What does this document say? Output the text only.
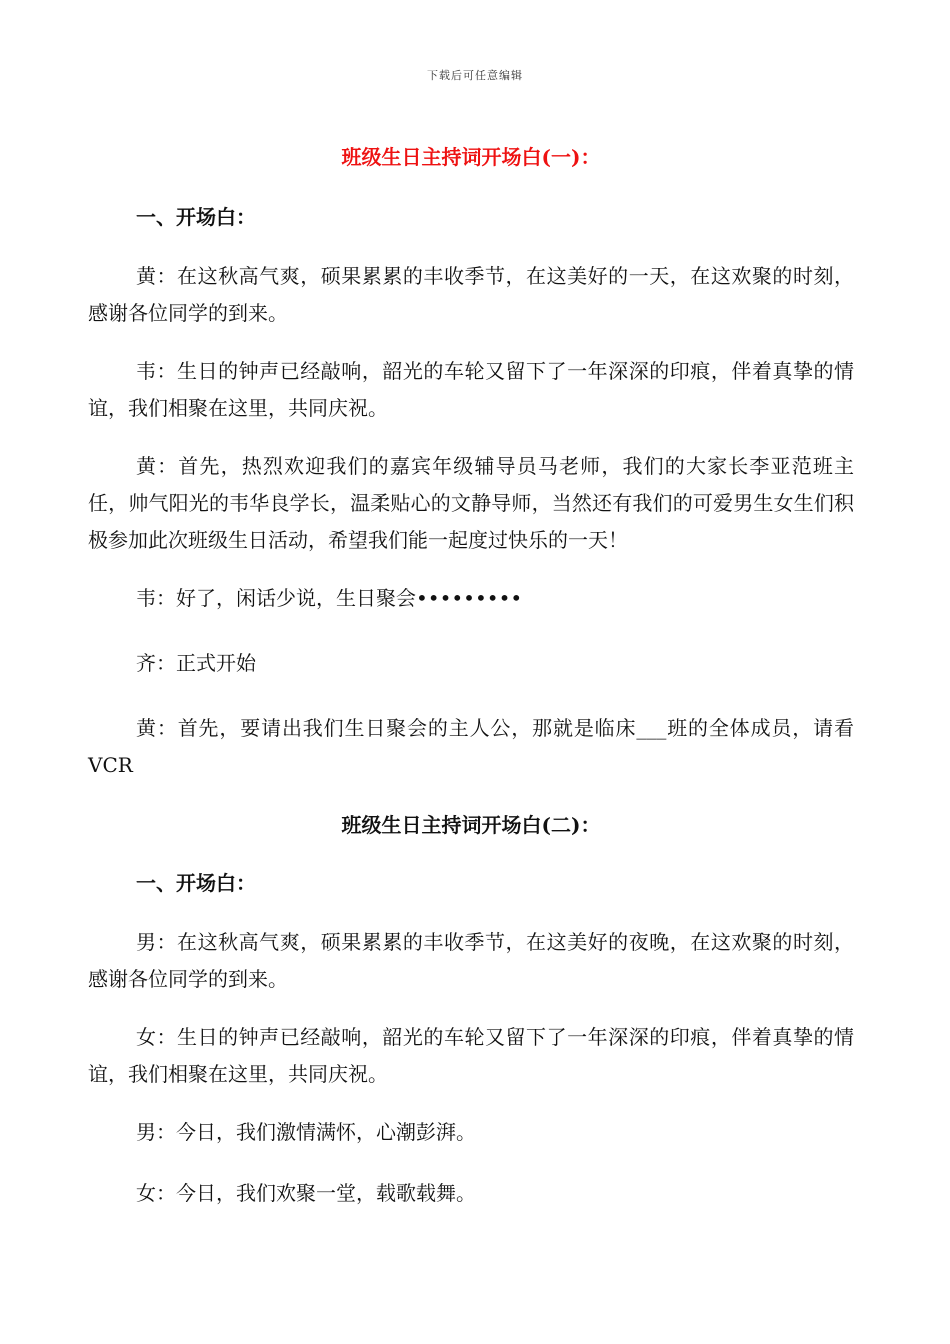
下载后可任意编辑
班级生日主持词开场白(一)：
一、开场白：

黄：在这秋高气爽，硕果累累的丰收季节，在这美好的一天，在这欢聚的时刻，感谢各位同学的到来。

韦：生日的钟声已经敲响，韶光的车轮又留下了一年深深的印痕，伴着真挚的情谊，我们相聚在这里，共同庆祝。

黄：首先，热烈欢迎我们的嘉宾年级辅导员马老师，我们的大家长李亚范班主任，帅气阳光的韦华良学长，温柔贴心的文静导师，当然还有我们的可爱男生女生们积极参加此次班级生日活动，希望我们能一起度过快乐的一天！

韦：好了，闲话少说，生日聚会•••••••••

齐：正式开始

黄：首先，要请出我们生日聚会的主人公，那就是临床___班的全体成员，请看VCR

班级生日主持词开场白(二)：
一、开场白：

男：在这秋高气爽，硕果累累的丰收季节，在这美好的夜晚，在这欢聚的时刻，感谢各位同学的到来。

女：生日的钟声已经敲响，韶光的车轮又留下了一年深深的印痕，伴着真挚的情谊，我们相聚在这里，共同庆祝。

男：今日，我们激情满怀，心潮彭湃。

女：今日，我们欢聚一堂，载歌载舞。
